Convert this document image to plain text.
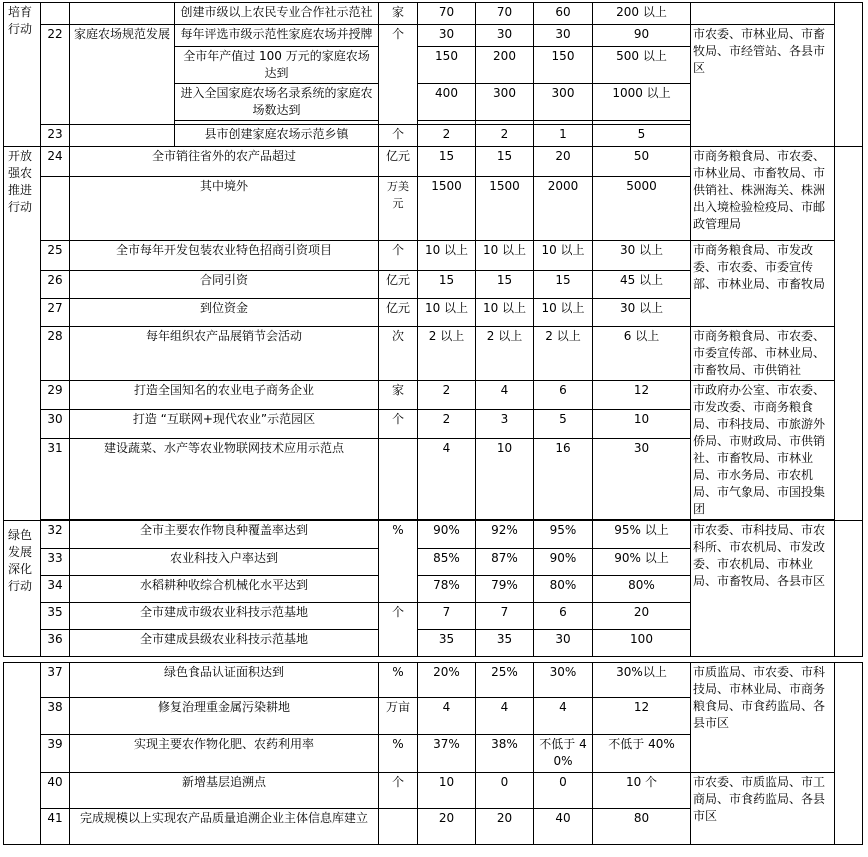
培育行动			创建市级以上农民专业合作社示范社	家	70	70	60	200 以上		
	22	家庭农场规范发展	每年评选市级示范性家庭农场并授牌	个	30	30	30	90	市农委、市林业局、市畜牧局、市经管站、各县市区	
			全市年产值过 100 万元的家庭农场达到		150	200	150	500 以上		
			进入全国家庭农场名录系统的家庭农场数达到		400	300	300	1000 以上		

	23		县市创建家庭农场示范乡镇	个	2	2	1	5		
开放强农推进行动	24	全市销往省外的农产品超过		亿元	15	15	20	50	市商务粮食局、市农委、市林业局、市畜牧局、市供销社、株洲海关、株洲出入境检验检疫局、市邮政管理局	
		其中境外		万美元	1500	1500	2000	5000		
	25	全市每年开发包装农业特色招商引资项目		个	10 以上	10 以上	10 以上	30 以上	市商务粮食局、市发改委、市农委、市委宣传部、市林业局、市畜牧局	
	26	合同引资		亿元	15	15	15	45 以上		
	27	到位资金		亿元	10 以上	10 以上	10 以上	30 以上		
	28	每年组织农产品展销节会活动		次	2 以上	2 以上	2 以上	6 以上	市商务粮食局、市农委、市委宣传部、市林业局、市畜牧局、市供销社	
	29	打造全国知名的农业电子商务企业		家	2	4	6	12	市政府办公室、市农委、市发改委、市商务粮食局、市科技局、市旅游外侨局、市财政局、市供销社、市畜牧局、市林业局、市水务局、市农机局、市气象局、市国投集团	
	30	打造 “互联网+现代农业”示范园区		个	2	3	5	10		
	31	建设蔬菜、水产等农业物联网技术应用示范点			4	10	16	30		

绿色发展深化行动	32	全市主要农作物良种覆盖率达到		%	90%	92%	95%	95% 以上	市农委、市科技局、市农科所、市农机局、市发改委、市农机局、市林业局、市畜牧局、各县市区	
	33	农业科技入户率达到			85%	87%	90%	90% 以上		
	34	水稻耕种收综合机械化水平达到			78%	79%	80%	80%		
	35	全市建成市级农业科技示范基地		个	7	7	6	20		
	36	全市建成县级农业科技示范基地			35	35	30	100		
	37	绿色食品认证面积达到	%	20%	25%	30%	30%以上	市质监局、市农委、市科技局、市林业局、市商务粮食局、市食药监局、各县市区	
	38	修复治理重金属污染耕地	万亩	4	4	4	12		
	39	实现主要农作物化肥、农药利用率	%	37%	38%	不低于 40%	不低于 40%		
	40	新增基层追溯点	个	10	0	0	10 个	市农委、市质监局、市工商局、市食药监局、各县市区	
	41	完成规模以上实现农产品质量追溯企业主体信息库建立		20	20	40	80		
